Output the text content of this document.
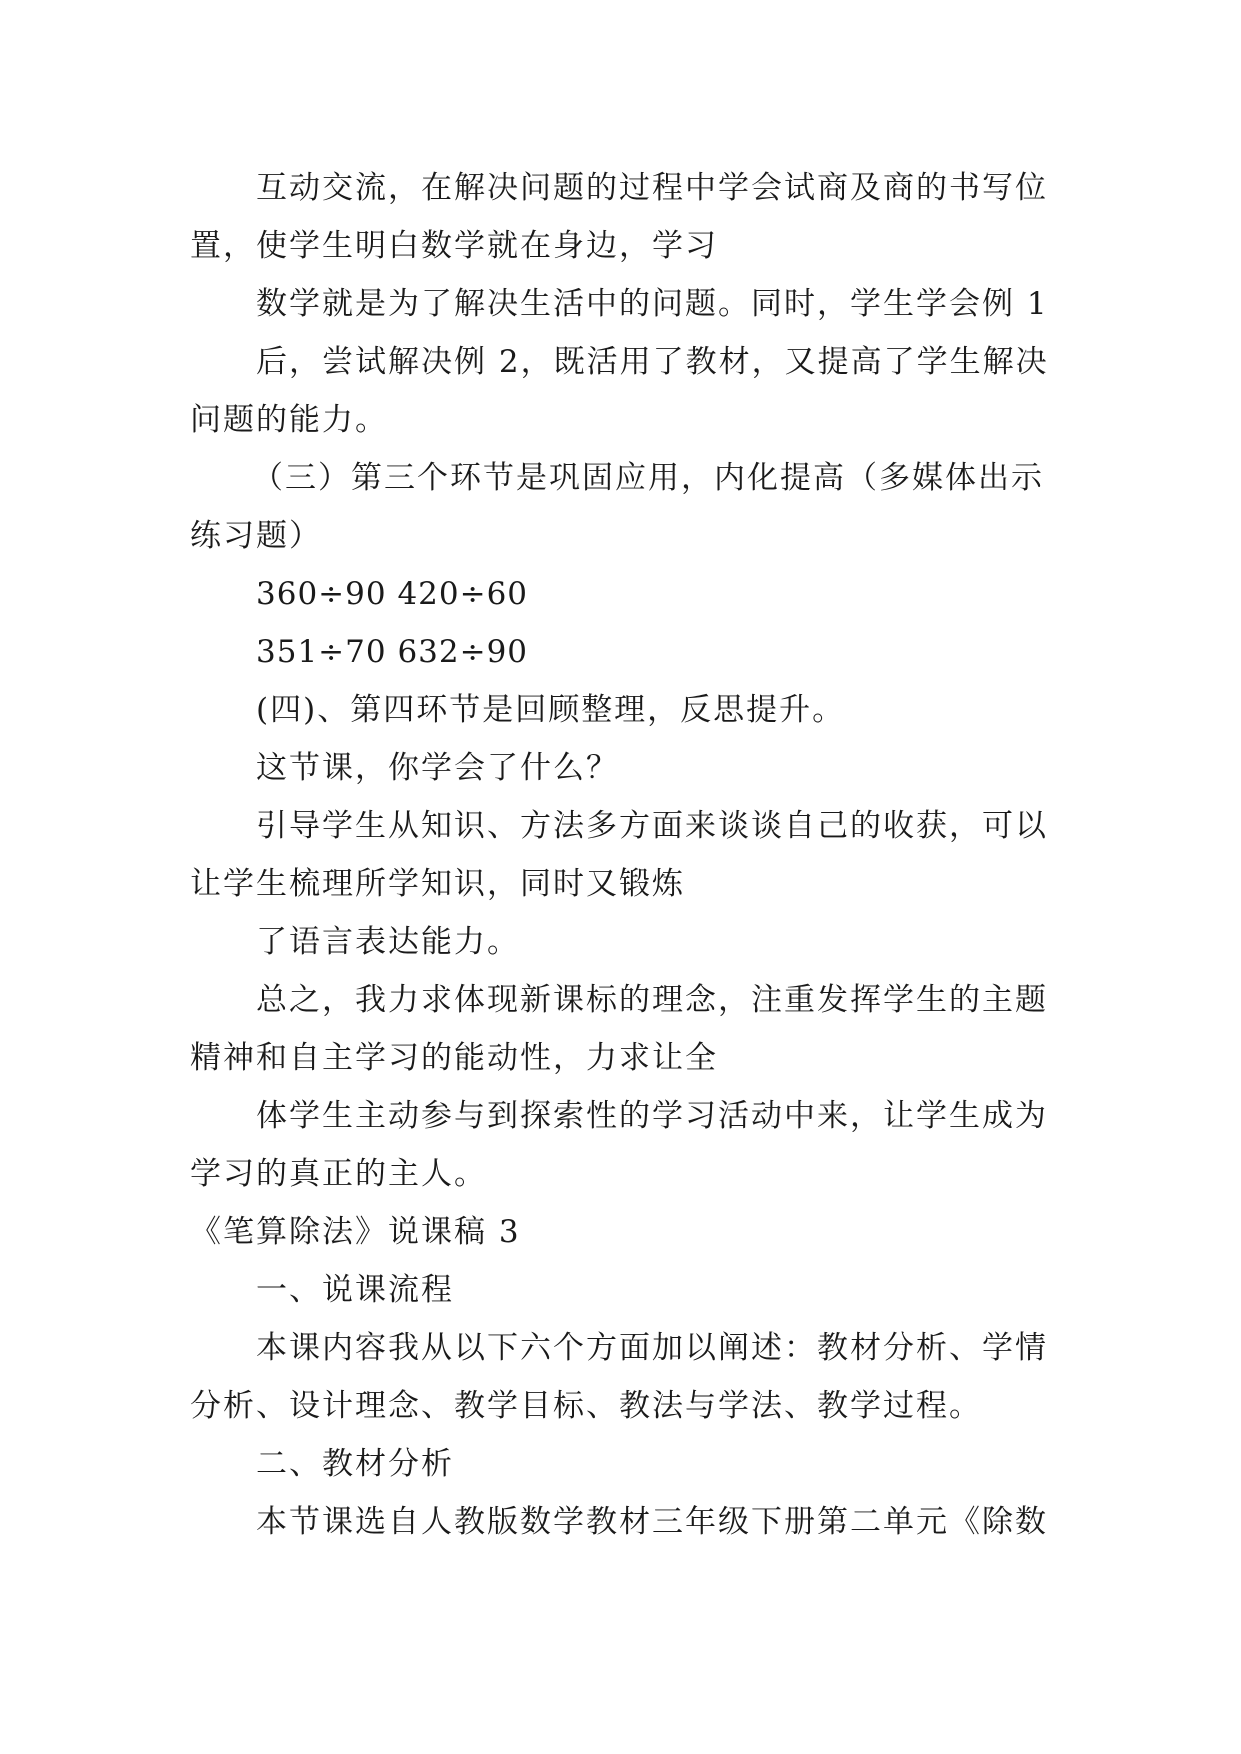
互动交流，在解决问题的过程中学会试商及商的书写位
置，使学生明白数学就在身边，学习
数学就是为了解决生活中的问题。同时，学生学会例 1
后，尝试解决例 2，既活用了教材，又提高了学生解决
问题的能力。
（三）第三个环节是巩固应用，内化提高（多媒体出示
练习题）
360÷90 420÷60
351÷70 632÷90
(四)、第四环节是回顾整理，反思提升。
这节课，你学会了什么？
引导学生从知识、方法多方面来谈谈自己的收获，可以
让学生梳理所学知识，同时又锻炼
了语言表达能力。
总之，我力求体现新课标的理念，注重发挥学生的主题
精神和自主学习的能动性，力求让全
体学生主动参与到探索性的学习活动中来，让学生成为
学习的真正的主人。
《笔算除法》说课稿 3
一、说课流程
本课内容我从以下六个方面加以阐述：教材分析、学情
分析、设计理念、教学目标、教法与学法、教学过程。
二、教材分析
本节课选自人教版数学教材三年级下册第二单元《除数
